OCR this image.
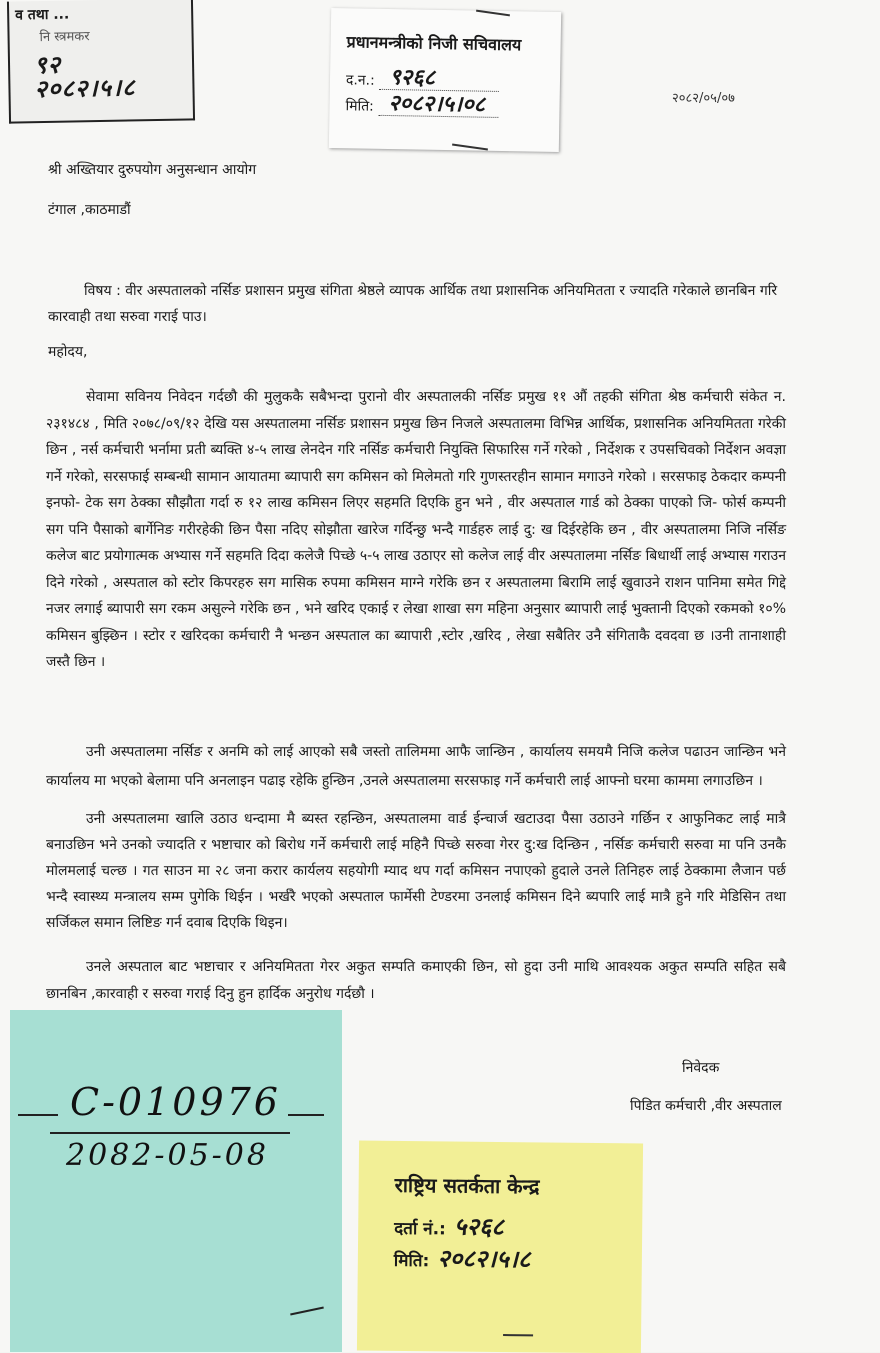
व तथा ...
नि स्त्रमकर
९२
२०८२।५।८
प्रधानमन्त्रीको निजी सचिवालय
द.न.: ९२६८
मिति: २०८२।५।०८	२०८२/०५/०७
श्री अख्तियार दुरुपयोग अनुसन्धान आयोग
टंगाल ,काठमाडौं
विषय : वीर अस्पतालको नर्सिङ प्रशासन प्रमुख संगिता श्रेष्ठले व्यापक आर्थिक तथा प्रशासनिक अनियमितता र ज्यादति गरेकाले छानबिन गरि कारवाही तथा सरुवा गराई पाउ।
महोदय,
सेवामा सविनय निवेदन गर्दछौ की मुलुककै सबैभन्दा पुरानो वीर अस्पतालकी नर्सिङ प्रमुख ११ औं तहकी संगिता श्रेष्ठ कर्मचारी संकेत न. २३१४८४ , मिति २०७८/०९/१२ देखि यस अस्पतालमा नर्सिङ प्रशासन प्रमुख छिन निजले अस्पतालमा विभिन्न आर्थिक, प्रशासनिक अनियमितता गरेकी छिन , नर्स कर्मचारी भर्नामा प्रती ब्यक्ति ४-५ लाख लेनदेन गरि नर्सिङ कर्मचारी नियुक्ति सिफारिस गर्ने गरेको , निर्देशक र उपसचिवको निर्देशन अवज्ञा गर्ने गरेको, सरसफाई सम्बन्धी सामान आयातमा ब्यापारी सग कमिसन को मिलेमतो गरि गुणस्तरहीन सामान मगाउने गरेको । सरसफाइ ठेकदार कम्पनी इनफो- टेक सग ठेक्का सौझौता गर्दा रु १२ लाख कमिसन लिएर सहमति दिएकि हुन भने , वीर अस्पताल गार्ड को ठेक्का पाएको जि- फोर्स कम्पनी सग पनि पैसाको बार्गेनिङ गरीरहेकी छिन पैसा नदिए सोझौता खारेज गर्दिन्छु भन्दै गार्डहरु लाई दु: ख दिईरहेकि छन , वीर अस्पतालमा निजि नर्सिङ कलेज बाट प्रयोगात्मक अभ्यास गर्ने सहमति दिदा कलेजै पिच्छे ५-५ लाख उठाएर सो कलेज लाई वीर अस्पतालमा नर्सिङ बिधार्थी लाई अभ्यास गराउन दिने गरेको , अस्पताल को स्टोर किपरहरु सग मासिक रुपमा कमिसन माग्ने गरेकि छन र अस्पतालमा बिरामि लाई खुवाउने राशन पानिमा समेत गिद्दे नजर लगाई ब्यापारी सग रकम असुल्ने गरेकि छन , भने खरिद एकाई र लेखा शाखा सग महिना अनुसार ब्यापारी लाई भुक्तानी दिएको रकमको १०% कमिसन बुझ्छिन । स्टोर र खरिदका कर्मचारी नै भन्छन अस्पताल का ब्यापारी ,स्टोर ,खरिद , लेखा सबैतिर उनै संगिताकै दवदवा छ ।उनी तानाशाही जस्तै छिन ।
उनी अस्पतालमा नर्सिङ र अनमि को लाई आएको सबै जस्तो तालिममा आफै जान्छिन , कार्यालय समयमै निजि कलेज पढाउन जान्छिन भने कार्यालय मा भएको बेलामा पनि अनलाइन पढाइ रहेकि हुन्छिन ,उनले अस्पतालमा सरसफाइ गर्ने कर्मचारी लाई आफ्नो घरमा काममा लगाउछिन ।
उनी अस्पतालमा खालि उठाउ धन्दामा मै ब्यस्त रहन्छिन, अस्पतालमा वार्ड ईन्चार्ज खटाउदा पैसा उठाउने गर्छिन र आफुनिकट लाई मात्रै बनाउछिन भने उनको ज्यादति र भष्टाचार को बिरोध गर्ने कर्मचारी लाई महिनै पिच्छे सरुवा गेरर दु:ख दिन्छिन , नर्सिङ कर्मचारी सरुवा मा पनि उनकै मोलमलाई चल्छ । गत साउन मा २८ जना करार कार्यलय सहयोगी म्याद थप गर्दा कमिसन नपाएको हुदाले उनले तिनिहरु लाई ठेक्कामा लैजान पर्छ भन्दै स्वास्थ्य मन्त्रालय सम्म पुगेकि थिईन । भर्खरै भएको अस्पताल फार्मेसी टेण्डरमा उनलाई कमिसन दिने ब्यपारि लाई मात्रै हुने गरि मेडिसिन तथा सर्जिकल समान लिष्टिङ गर्न दवाब दिएकि थिइन।
उनले अस्पताल बाट भष्टाचार र अनियमितता गेरर अकुत सम्पति कमाएकी छिन, सो हुदा उनी माथि आवश्यक अकुत सम्पति सहित सबै छानबिन ,कारवाही र सरुवा गराई दिनु हुन हार्दिक अनुरोध गर्दछौ ।
निवेदक
पिडित कर्मचारी ,वीर अस्पताल
C-010976
2082-05-08
राष्ट्रिय सतर्कता केन्द्र
दर्ता नं.: ५२६८
मिति: २०८२।५।८
